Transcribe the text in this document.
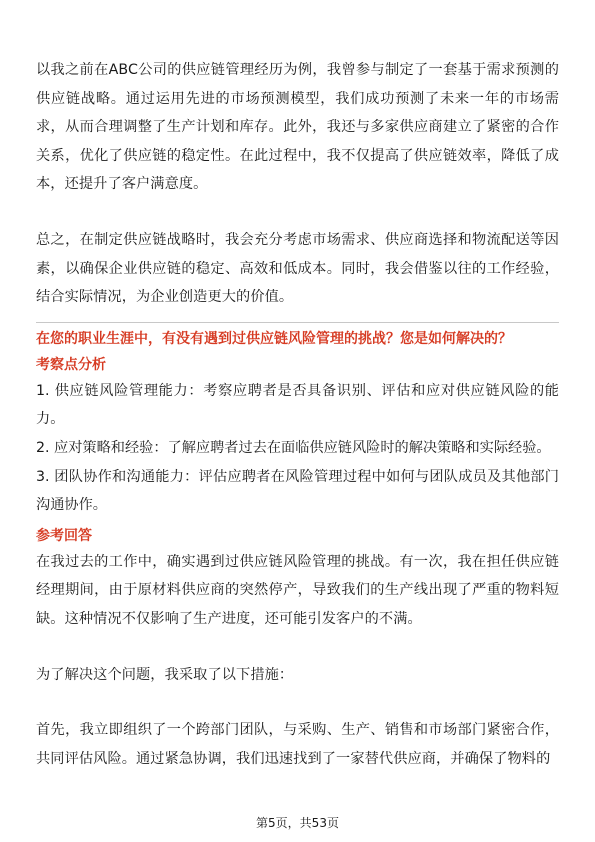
以我之前在ABC公司的供应链管理经历为例，我曾参与制定了一套基于需求预测的供应链战略。通过运用先进的市场预测模型，我们成功预测了未来一年的市场需求，从而合理调整了生产计划和库存。此外，我还与多家供应商建立了紧密的合作关系，优化了供应链的稳定性。在此过程中，我不仅提高了供应链效率，降低了成本，还提升了客户满意度。

总之，在制定供应链战略时，我会充分考虑市场需求、供应商选择和物流配送等因素，以确保企业供应链的稳定、高效和低成本。同时，我会借鉴以往的工作经验，结合实际情况，为企业创造更大的价值。

在您的职业生涯中，有没有遇到过供应链风险管理的挑战？您是如何解决的？

考察点分析

1. 供应链风险管理能力：考察应聘者是否具备识别、评估和应对供应链风险的能力。

2. 应对策略和经验：了解应聘者过去在面临供应链风险时的解决策略和实际经验。

3. 团队协作和沟通能力：评估应聘者在风险管理过程中如何与团队成员及其他部门沟通协作。

参考回答

在我过去的工作中，确实遇到过供应链风险管理的挑战。有一次，我在担任供应链经理期间，由于原材料供应商的突然停产，导致我们的生产线出现了严重的物料短缺。这种情况不仅影响了生产进度，还可能引发客户的不满。

为了解决这个问题，我采取了以下措施：

首先，我立即组织了一个跨部门团队，与采购、生产、销售和市场部门紧密合作，共同评估风险。通过紧急协调，我们迅速找到了一家替代供应商，并确保了物料的

第5页，共53页
